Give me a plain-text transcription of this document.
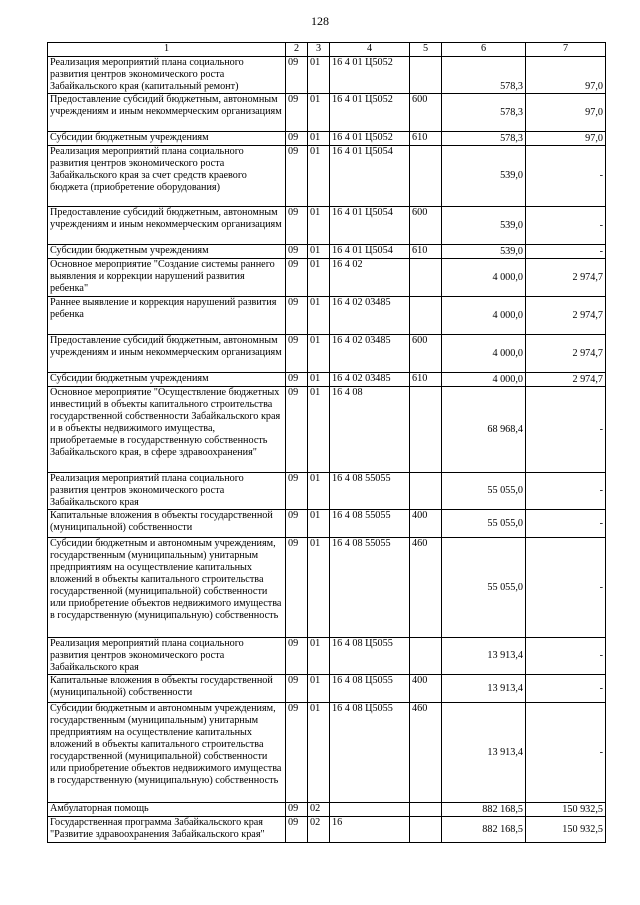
128
1	2	3	4	5	6	7
Реализация мероприятий плана социального развития центров экономического роста Забайкальского края (капитальный ремонт)	09	01	16 4 01 Ц5052		578,3	97,0
Предоставление субсидий бюджетным, автономным учреждениям и иным некоммерческим организациям	09	01	16 4 01 Ц5052	600	578,3	97,0
Субсидии бюджетным учреждениям	09	01	16 4 01 Ц5052	610	578,3	97,0
Реализация мероприятий плана социального развития центров экономического роста Забайкальского края за счет средств краевого бюджета (приобретение оборудования)	09	01	16 4 01 Ц5054		539,0	-
Предоставление субсидий бюджетным, автономным учреждениям и иным некоммерческим организациям	09	01	16 4 01 Ц5054	600	539,0	-
Субсидии бюджетным учреждениям	09	01	16 4 01 Ц5054	610	539,0	-
Основное мероприятие "Создание системы раннего выявления и коррекции нарушений развития ребенка"	09	01	16 4 02		4 000,0	2 974,7
Раннее выявление и коррекция нарушений развития ребенка	09	01	16 4 02 03485		4 000,0	2 974,7
Предоставление субсидий бюджетным, автономным учреждениям и иным некоммерческим организациям	09	01	16 4 02 03485	600	4 000,0	2 974,7
Субсидии бюджетным учреждениям	09	01	16 4 02 03485	610	4 000,0	2 974,7
Основное мероприятие "Осуществление бюджетных инвестиций в объекты капитального строительства государственной собственности Забайкальского края и в объекты недвижимого имущества, приобретаемые в государственную собственность Забайкальского края, в сфере здравоохранения"	09	01	16 4 08		68 968,4	-
Реализация мероприятий плана социального развития центров экономического роста Забайкальского края	09	01	16 4 08 55055		55 055,0	-
Капитальные вложения в объекты государственной (муниципальной) собственности	09	01	16 4 08 55055	400	55 055,0	-
Субсидии бюджетным и автономным учреждениям, государственным (муниципальным) унитарным предприятиям на осуществление капитальных вложений в объекты капитального строительства государственной (муниципальной) собственности или приобретение объектов недвижимого имущества в государственную (муниципальную) собственность	09	01	16 4 08 55055	460	55 055,0	-
Реализация мероприятий плана социального развития центров экономического роста Забайкальского края	09	01	16 4 08 Ц5055		13 913,4	-
Капитальные вложения в объекты государственной (муниципальной) собственности	09	01	16 4 08 Ц5055	400	13 913,4	-
Субсидии бюджетным и автономным учреждениям, государственным (муниципальным) унитарным предприятиям на осуществление капитальных вложений в объекты капитального строительства государственной (муниципальной) собственности или приобретение объектов недвижимого имущества в государственную (муниципальную) собственность	09	01	16 4 08 Ц5055	460	13 913,4	-
Амбулаторная помощь	09	02			882 168,5	150 932,5
Государственная программа Забайкальского края "Развитие здравоохранения Забайкальского края"	09	02	16		882 168,5	150 932,5
